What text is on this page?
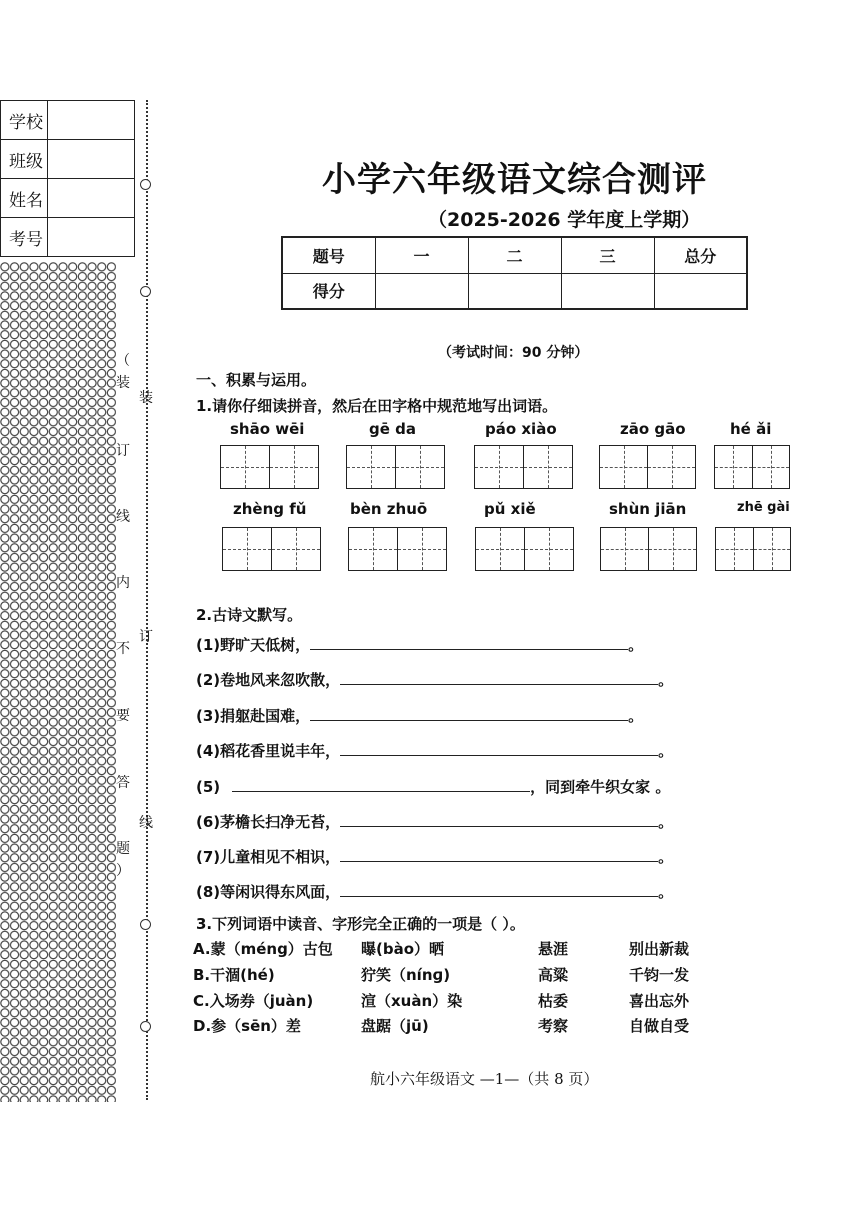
学校	
班级	
姓名	
考号	
（
装
订
线
内
不
要
答
题
）
装
订
线
小学六年级语文综合测评
（2025-2026 学年度上学期）
题号	一	二	三	总分
得分				
（考试时间：90 分钟）
一、积累与运用。
1.请你仔细读拼音，然后在田字格中规范地写出词语。
shāo wēi	gē da	páo xiào	zāo gāo	hé ǎi
zhèng fǔ	bèn zhuō	pǔ xiě	shùn jiān	zhē gài
2.古诗文默写。
(1)野旷天低树，	。
(2)卷地风来忽吹散，	。
(3)捐躯赴国难，	。
(4)稻花香里说丰年，	。
(5)	，同到牵牛织女家 。
(6)茅檐长扫净无苔，	。
(7)儿童相见不相识，	。
(8)等闲识得东风面，	。
3.下列词语中读音、字形完全正确的一项是（ ）。
A.蒙（méng）古包 曝(bào）晒	悬涯	别出新裁
B.干涸(hé)	狞笑（nínɡ)	高粱	千钧一发
C.入场券（juàn)	渲（xuàn）染	枯委	喜出忘外
D.参（sēn）差	盘踞（jū)	考察	自做自受
航小六年级语文 —1—（共 8 页）
